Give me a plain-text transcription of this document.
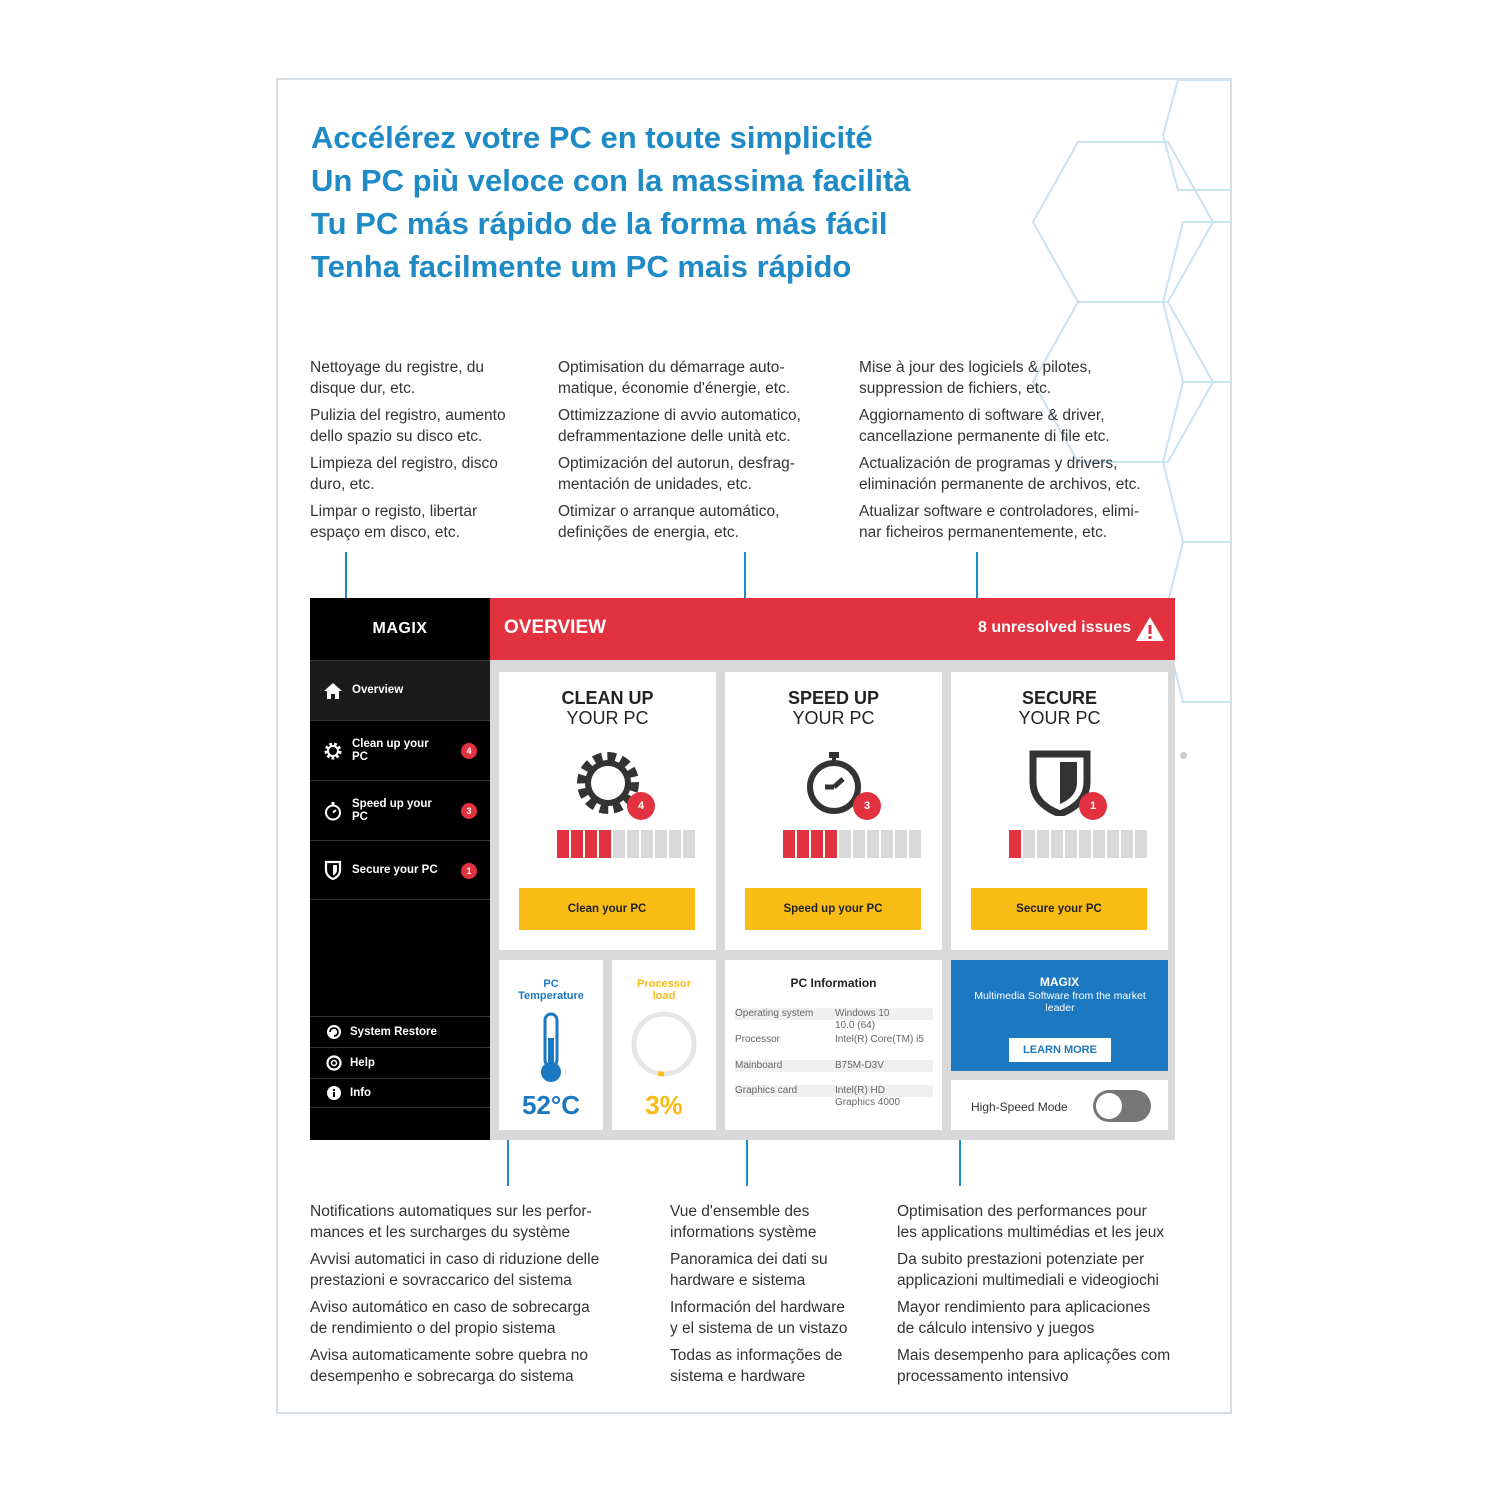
Accélérez votre PC en toute simplicité
Un PC più veloce con la massima facilità
Tu PC más rápido de la forma más fácil
Tenha facilmente um PC mais rápido

Nettoyage du registre, du
disque dur, etc.

Pulizia del registro, aumento
dello spazio su disco etc.

Limpieza del registro, disco
duro, etc.

Limpar o registo, libertar
espaço em disco, etc.

Optimisation du démarrage auto-
matique, économie d'énergie, etc.

Ottimizzazione di avvio automatico,
deframmentazione delle unità etc.

Optimización del autorun, desfrag-
mentación de unidades, etc.

Otimizar o arranque automático,
definições de energia, etc.

Mise à jour des logiciels & pilotes,
suppression de fichiers, etc.

Aggiornamento di software & driver,
cancellazione permanente di file etc.

Actualización de programas y drivers,
eliminación permanente de archivos, etc.

Atualizar software e controladores, elimi-
nar ficheiros permanentemente, etc.

MAGIX
Overview
Clean up your PC	4
Speed up your PC	3
Secure your PC	1
System Restore
Help
Info
OVERVIEW	8 unresolved issues
CLEAN UP
YOUR PC
4
Clean your PC
SPEED UP
YOUR PC
3
Speed up your PC
SECURE
YOUR PC
1
Secure your PC
PC
Temperature
52°C
Processor
load
3%
PC Information
Operating system Windows 10
10.0 (64)
Processor	Intel(R) Core(TM) i5
Mainboard	B75M-D3V
Graphics card	Intel(R) HD
Graphics 4000
MAGIX
Multimedia Software from the market leader
LEARN MORE
High-Speed Mode

Notifications automatiques sur les perfor-
mances et les surcharges du système

Avvisi automatici in caso di riduzione delle
prestazioni e sovraccarico del sistema

Aviso automático en caso de sobrecarga
de rendimiento o del propio sistema

Avisa automaticamente sobre quebra no
desempenho e sobrecarga do sistema

Vue d'ensemble des
informations système

Panoramica dei dati su
hardware e sistema

Información del hardware
y el sistema de un vistazo

Todas as informações de
sistema e hardware

Optimisation des performances pour
les applications multimédias et les jeux

Da subito prestazioni potenziate per
applicazioni multimediali e videogiochi

Mayor rendimiento para aplicaciones
de cálculo intensivo y juegos

Mais desempenho para aplicações com
processamento intensivo
